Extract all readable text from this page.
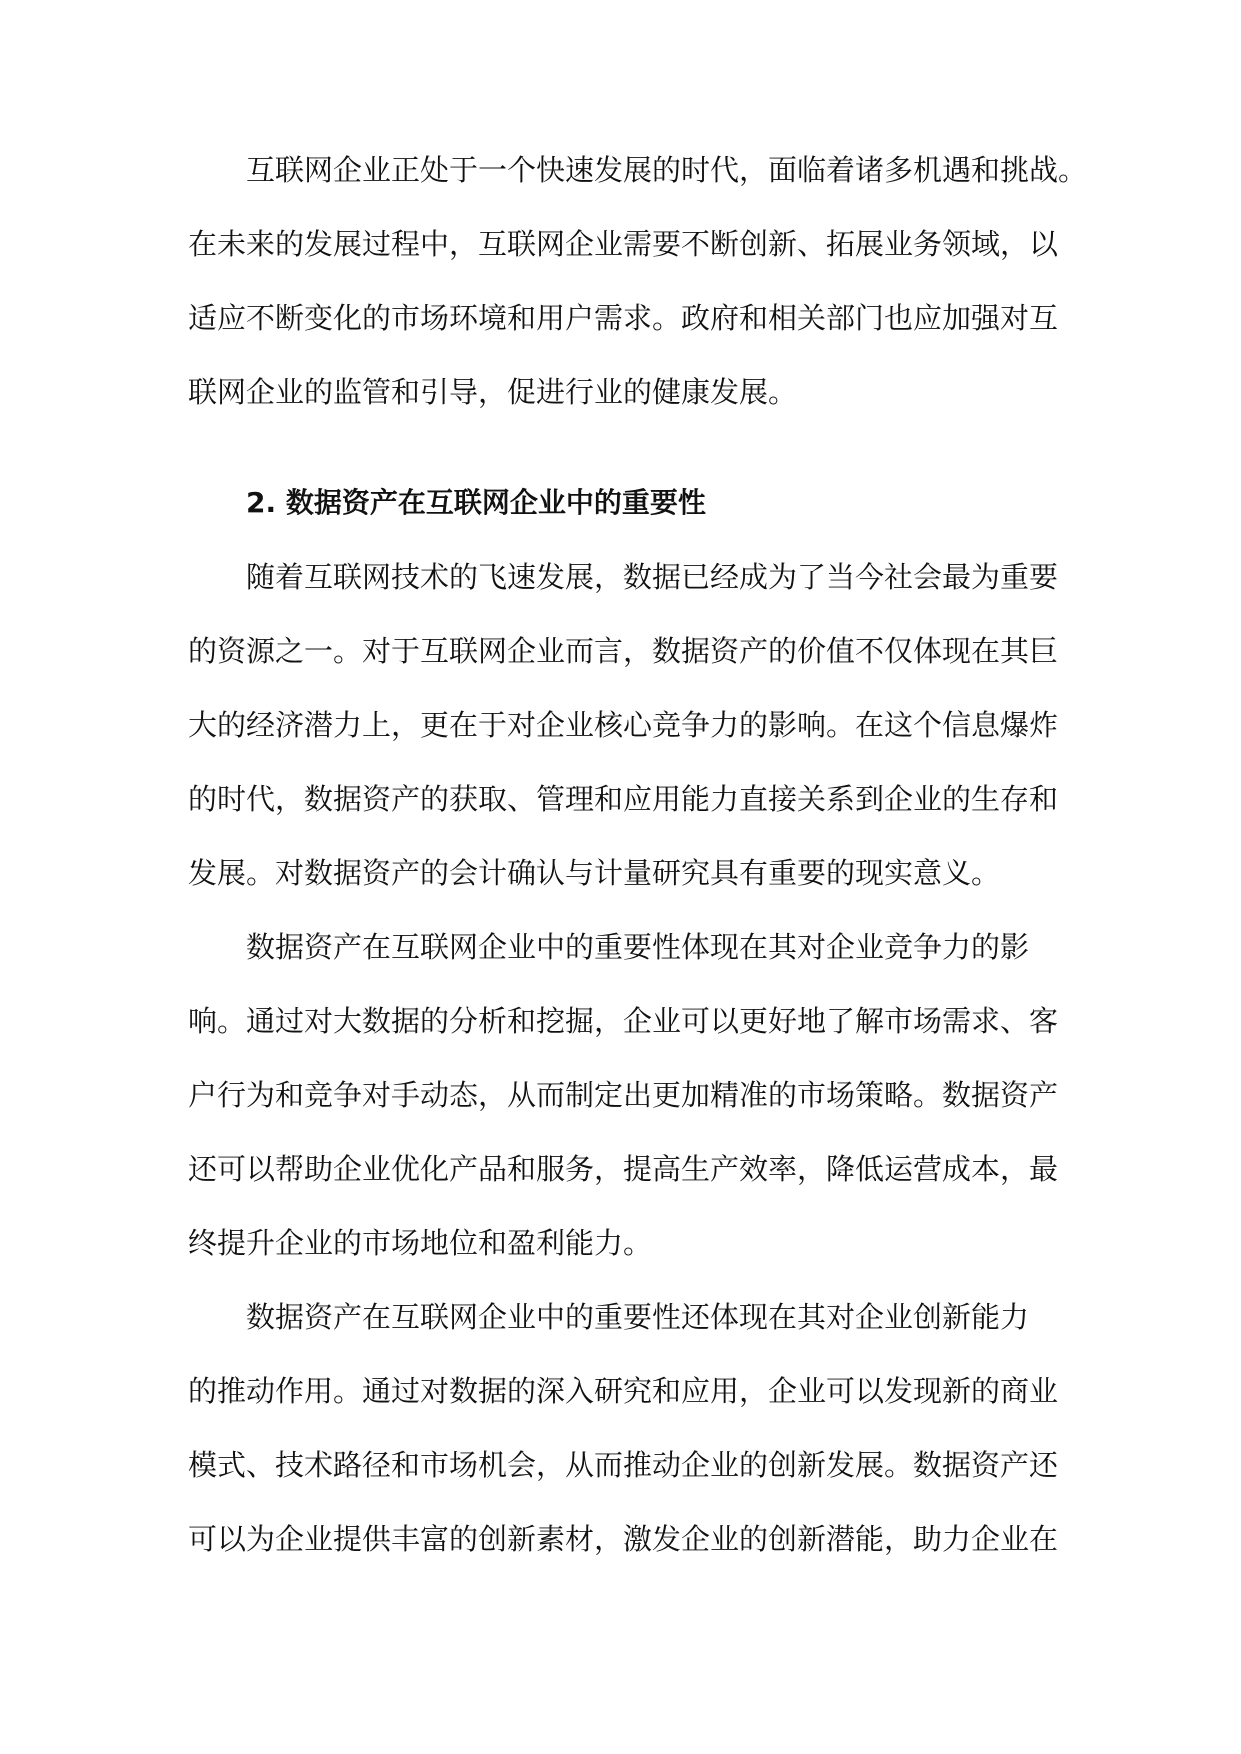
互联网企业正处于一个快速发展的时代，面临着诸多机遇和挑战。
在未来的发展过程中，互联网企业需要不断创新、拓展业务领域，以
适应不断变化的市场环境和用户需求。政府和相关部门也应加强对互
联网企业的监管和引导，促进行业的健康发展。
2. 数据资产在互联网企业中的重要性
随着互联网技术的飞速发展，数据已经成为了当今社会最为重要
的资源之一。对于互联网企业而言，数据资产的价值不仅体现在其巨
大的经济潜力上，更在于对企业核心竞争力的影响。在这个信息爆炸
的时代，数据资产的获取、管理和应用能力直接关系到企业的生存和
发展。对数据资产的会计确认与计量研究具有重要的现实意义。
数据资产在互联网企业中的重要性体现在其对企业竞争力的影
响。通过对大数据的分析和挖掘，企业可以更好地了解市场需求、客
户行为和竞争对手动态，从而制定出更加精准的市场策略。数据资产
还可以帮助企业优化产品和服务，提高生产效率，降低运营成本，最
终提升企业的市场地位和盈利能力。
数据资产在互联网企业中的重要性还体现在其对企业创新能力
的推动作用。通过对数据的深入研究和应用，企业可以发现新的商业
模式、技术路径和市场机会，从而推动企业的创新发展。数据资产还
可以为企业提供丰富的创新素材，激发企业的创新潜能，助力企业在
